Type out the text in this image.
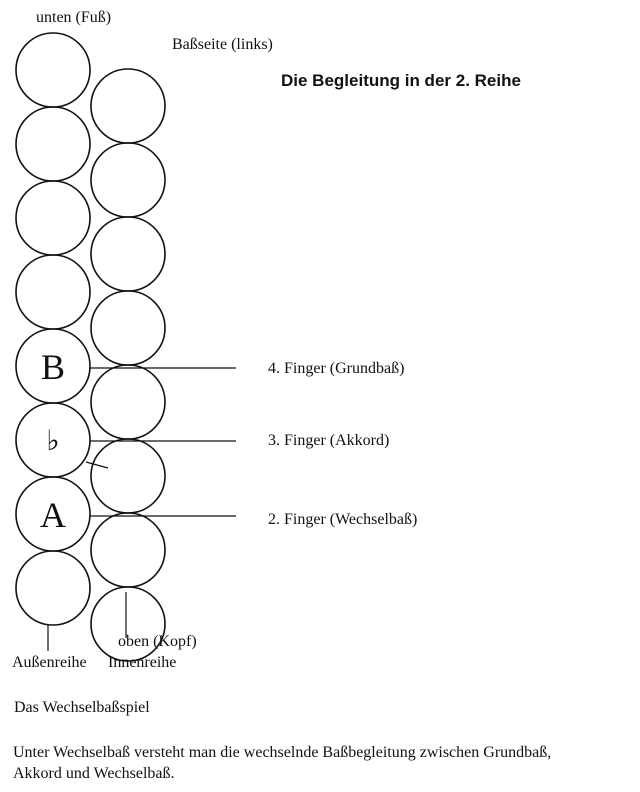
unten (Fuß)
Baßseite (links)
Die Begleitung in der 2. Reihe
B
♭
A
4. Finger (Grundbaß)
3. Finger (Akkord)
2. Finger (Wechselbaß)
oben (Kopf)
Außenreihe Innenreihe
Das Wechselbaßspiel
Unter Wechselbaß versteht man die wechselnde Baßbegleitung zwischen Grundbaß,
Akkord und Wechselbaß.
